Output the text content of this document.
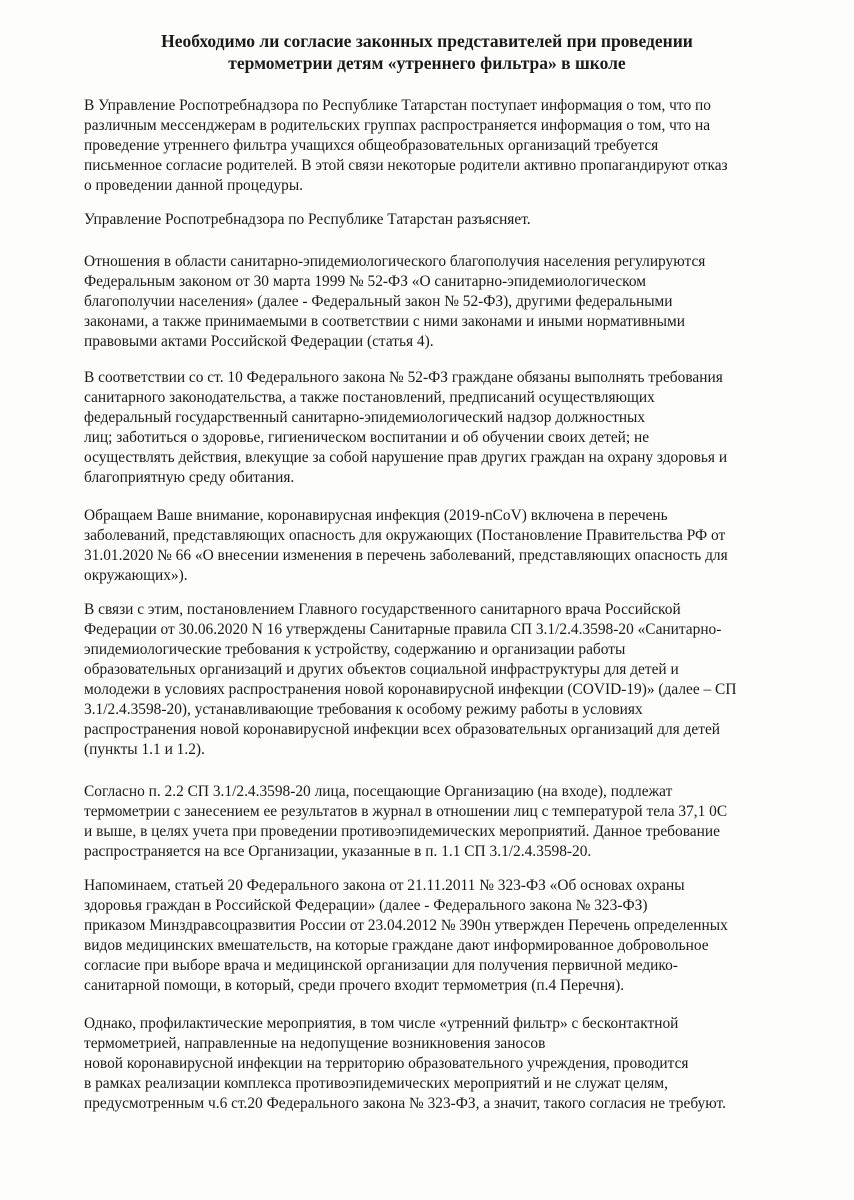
Необходимо ли согласие законных представителей при проведении
термометрии детям «утреннего фильтра» в школе
В Управление Роспотребнадзора по Республике Татарстан поступает информация о том, что по
различным мессенджерам в родительских группах распространяется информация о том, что на
проведение утреннего фильтра учащихся общеобразовательных организаций требуется
письменное согласие родителей. В этой связи некоторые родители активно пропагандируют отказ
о проведении данной процедуры.
Управление Роспотребнадзора по Республике Татарстан разъясняет.
Отношения в области санитарно-эпидемиологического благополучия населения регулируются
Федеральным законом от 30 марта 1999 № 52-ФЗ «О санитарно-эпидемиологическом
благополучии населения» (далее - Федеральный закон № 52-ФЗ), другими федеральными
законами, а также принимаемыми в соответствии с ними законами и иными нормативными
правовыми актами Российской Федерации (статья 4).
В соответствии со ст. 10 Федерального закона № 52-ФЗ граждане обязаны выполнять требования
санитарного законодательства, а также постановлений, предписаний осуществляющих
федеральный государственный санитарно-эпидемиологический надзор должностных
лиц; заботиться о здоровье, гигиеническом воспитании и об обучении своих детей; не
осуществлять действия, влекущие за собой нарушение прав других граждан на охрану здоровья и
благоприятную среду обитания.
Обращаем Ваше внимание, коронавирусная инфекция (2019-nCoV) включена в перечень
заболеваний, представляющих опасность для окружающих (Постановление Правительства РФ от
31.01.2020 № 66 «О внесении изменения в перечень заболеваний, представляющих опасность для
окружающих»).
В связи с этим, постановлением Главного государственного санитарного врача Российской
Федерации от 30.06.2020 N 16 утверждены Санитарные правила СП 3.1/2.4.3598-20 «Санитарно-
эпидемиологические требования к устройству, содержанию и организации работы
образовательных организаций и других объектов социальной инфраструктуры для детей и
молодежи в условиях распространения новой коронавирусной инфекции (COVID-19)» (далее – СП
3.1/2.4.3598-20), устанавливающие требования к особому режиму работы в условиях
распространения новой коронавирусной инфекции всех образовательных организаций для детей
(пункты 1.1 и 1.2).
Согласно п. 2.2 СП 3.1/2.4.3598-20 лица, посещающие Организацию (на входе), подлежат
термометрии с занесением ее результатов в журнал в отношении лиц с температурой тела 37,1 0С
и выше, в целях учета при проведении противоэпидемических мероприятий. Данное требование
распространяется на все Организации, указанные в п. 1.1 СП 3.1/2.4.3598-20.
Напоминаем, статьей 20 Федерального закона от 21.11.2011 № 323-ФЗ «Об основах охраны
здоровья граждан в Российской Федерации» (далее - Федерального закона № 323-ФЗ)
приказом Минздравсоцразвития России от 23.04.2012 № 390н утвержден Перечень определенных
видов медицинских вмешательств, на которые граждане дают информированное добровольное
согласие при выборе врача и медицинской организации для получения первичной медико-
санитарной помощи, в который, среди прочего входит термометрия (п.4 Перечня).
Однако, профилактические мероприятия, в том числе «утренний фильтр» с бесконтактной
термометрией, направленные на недопущение возникновения заносов
новой коронавирусной инфекции на территорию образовательного учреждения, проводится
в рамках реализации комплекса противоэпидемических мероприятий и не служат целям,
предусмотренным ч.6 ст.20 Федерального закона № 323-ФЗ, а значит, такого согласия не требуют.
